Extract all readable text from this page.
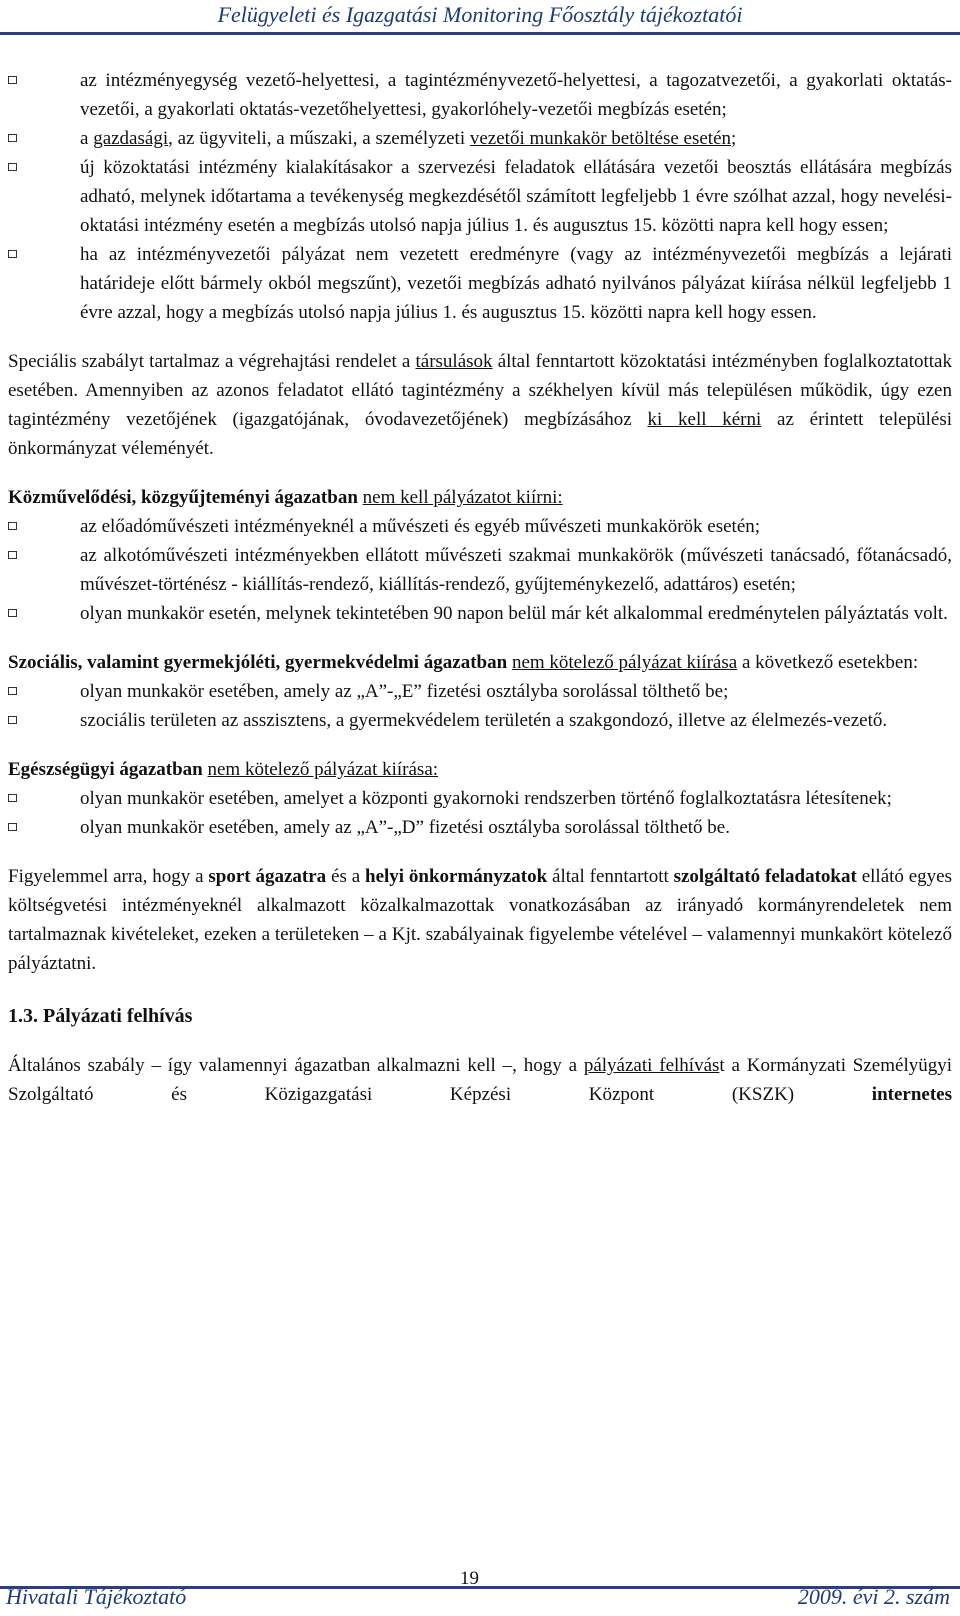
Felügyeleti és Igazgatási Monitoring Főosztály tájékoztatói
az intézményegység vezető-helyettesi, a tagintézményvezető-helyettesi, a tagozatvezetői, a gyakorlati oktatás-vezetői, a gyakorlati oktatás-vezetőhelyettesi, gyakorlóhely-vezetői megbízás esetén;
a gazdasági, az ügyviteli, a műszaki, a személyzeti vezetői munkakör betöltése esetén;
új közoktatási intézmény kialakításakor a szervezési feladatok ellátására vezetői beosztás ellátására megbízás adható, melynek időtartama a tevékenység megkezdésétől számított legfeljebb 1 évre szólhat azzal, hogy nevelési-oktatási intézmény esetén a megbízás utolsó napja július 1. és augusztus 15. közötti napra kell hogy essen;
ha az intézményvezetői pályázat nem vezetett eredményre (vagy az intézményvezetői megbízás a lejárati határideje előtt bármely okból megszűnt), vezetői megbízás adható nyilvános pályázat kiírása nélkül legfeljebb 1 évre azzal, hogy a megbízás utolsó napja július 1. és augusztus 15. közötti napra kell hogy essen.

Speciális szabályt tartalmaz a végrehajtási rendelet a társulások által fenntartott közoktatási intézményben foglalkoztatottak esetében. Amennyiben az azonos feladatot ellátó tagintézmény a székhelyen kívül más településen működik, úgy ezen tagintézmény vezetőjének (igazgatójának, óvodavezetőjének) megbízásához ki kell kérni az érintett települési önkormányzat véleményét.

Közművelődési, közgyűjteményi ágazatban nem kell pályázatot kiírni:

az előadóművészeti intézményeknél a művészeti és egyéb művészeti munkakörök esetén;
az alkotóművészeti intézményekben ellátott művészeti szakmai munkakörök (művészeti tanácsadó, főtanácsadó, művészet-történész - kiállítás-rendező, kiállítás-rendező, gyűjteménykezelő, adattáros) esetén;
olyan munkakör esetén, melynek tekintetében 90 napon belül már két alkalommal eredménytelen pályáztatás volt.

Szociális, valamint gyermekjóléti, gyermekvédelmi ágazatban nem kötelező pályázat kiírása a következő esetekben:

olyan munkakör esetében, amely az „A”-„E” fizetési osztályba sorolással tölthető be;
szociális területen az asszisztens, a gyermekvédelem területén a szakgondozó, illetve az élelmezés-vezető.

Egészségügyi ágazatban nem kötelező pályázat kiírása:

olyan munkakör esetében, amelyet a központi gyakornoki rendszerben történő foglalkoztatásra létesítenek;
olyan munkakör esetében, amely az „A”-„D” fizetési osztályba sorolással tölthető be.

Figyelemmel arra, hogy a sport ágazatra és a helyi önkormányzatok által fenntartott szolgáltató feladatokat ellátó egyes költségvetési intézményeknél alkalmazott közalkalmazottak vonatkozásában az irányadó kormányrendeletek nem tartalmaznak kivételeket, ezeken a területeken – a Kjt. szabályainak figyelembe vételével – valamennyi munkakört kötelező pályáztatni.

1.3. Pályázati felhívás

Általános szabály – így valamennyi ágazatban alkalmazni kell –, hogy a pályázati felhívást a Kormányzati Személyügyi Szolgáltató és Közigazgatási Képzési Központ (KSZK) internetes

Hivatali Tájékoztató
19
2009. évi 2. szám
